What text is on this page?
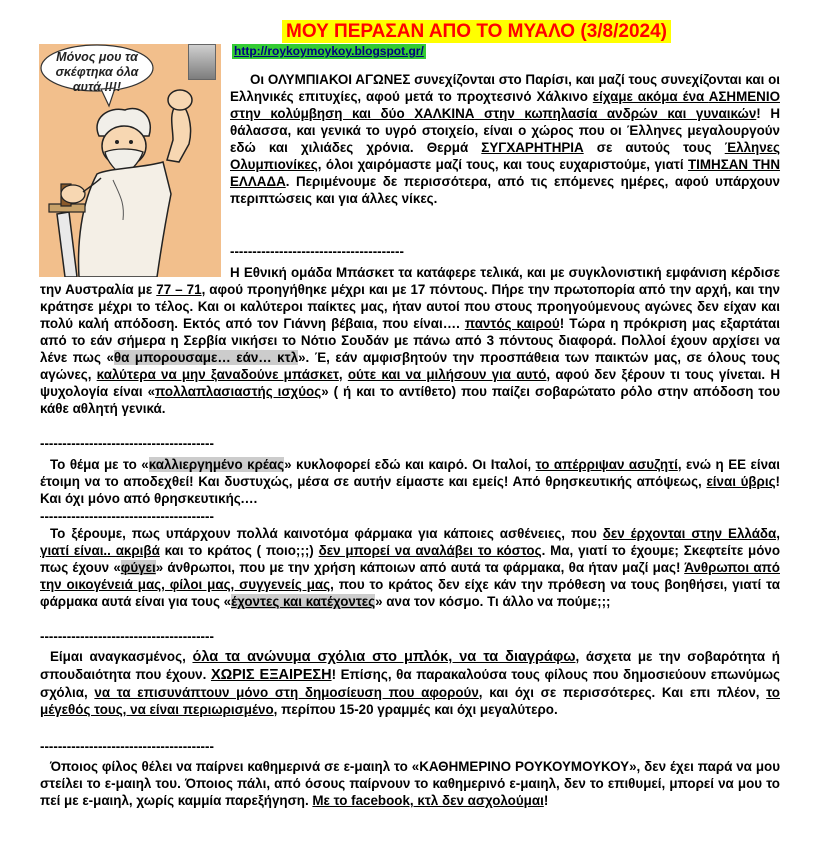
Μόνος μου τα σκέφτηκα όλα αυτά !!!!
ΜΟΥ ΠΕΡΑΣΑΝ ΑΠΟ ΤΟ ΜΥΑΛΟ (3/8/2024)
http://roykoymoykoy.blogspot.gr/
Οι ΟΛΥΜΠΙΑΚΟΙ ΑΓΩΝΕΣ συνεχίζονται στο Παρίσι, και μαζί τους συνεχίζονται και οι Ελληνικές επιτυχίες, αφού μετά το προχτεσινό Χάλκινο είχαμε ακόμα ένα ΑΣΗΜΕΝΙΟ στην κολύμβηση και δύο ΧΑΛΚΙΝΑ στην κωπηλασία ανδρών και γυναικών! Η θάλασσα, και γενικά το υγρό στοιχείο, είναι ο χώρος που οι Έλληνες μεγαλουργούν εδώ και χιλιάδες χρόνια. Θερμά ΣΥΓΧΑΡΗΤΗΡΙΑ σε αυτούς τους Έλληνες Ολυμπιονίκες, όλοι χαιρόμαστε μαζί τους, και τους ευχαριστούμε, γιατί ΤΙΜΗΣΑΝ ΤΗΝ ΕΛΛΑΔΑ. Περιμένουμε δε περισσότερα, από τις επόμενες ημέρες, αφού υπάρχουν περιπτώσεις και για άλλες νίκες.
---------------------------------------
Η Εθνική ομάδα Μπάσκετ τα κατάφερε τελικά, και με συγκλονιστική εμφάνιση κέρδισε την Αυστραλία με 77 – 71, αφού προηγήθηκε μέχρι και με 17 πόντους. Πήρε την πρωτοπορία από την αρχή, και την κράτησε μέχρι το τέλος. Και οι καλύτεροι παίκτες μας, ήταν αυτοί που στους προηγούμενους αγώνες δεν είχαν και πολύ καλή απόδοση. Εκτός από τον Γιάννη βέβαια, που είναι…. παντός καιρού! Τώρα η πρόκριση μας εξαρτάται από το εάν σήμερα η Σερβία νικήσει το Νότιο Σουδάν με πάνω από 3 πόντους διαφορά. Πολλοί έχουν αρχίσει να λένε πως «θα μπορουσαμε… εάν… κτλ». Έ, εάν αμφισβητούν την προσπάθεια των παικτών μας, σε όλους τους αγώνες, καλύτερα να μην ξαναδούνε μπάσκετ, ούτε και να μιλήσουν για αυτό, αφού δεν ξέρουν τι τους γίνεται. Η ψυχολογία είναι «πολλαπλασιαστής ισχύος» ( ή και το αντίθετο) που παίζει σοβαρώτατο ρόλο στην απόδοση του κάθε αθλητή γενικά.
---------------------------------------
Το θέμα με το «καλλιεργημένο κρέας» κυκλοφορεί εδώ και καιρό. Οι Ιταλοί, το απέρριψαν ασυζητί, ενώ η ΕΕ είναι έτοιμη να το αποδεχθεί! Και δυστυχώς, μέσα σε αυτήν είμαστε και εμείς! Από θρησκευτικής απόψεως, είναι ύβρις! Και όχι μόνο από θρησκευτικής.…
---------------------------------------
Το ξέρουμε, πως υπάρχουν πολλά καινοτόμα φάρμακα για κάποιες ασθένειες, που δεν έρχονται στην Ελλάδα, γιατί είναι.. ακριβά και το κράτος ( ποιο;;;) δεν μπορεί να αναλάβει το κόστος. Μα, γιατί το έχουμε; Σκεφτείτε μόνο πως έχουν «φύγει» άνθρωποι, που με την χρήση κάποιων από αυτά τα φάρμακα, θα ήταν μαζί μας! Άνθρωποι από την οικογένειά μας, φίλοι μας, συγγενείς μας, που το κράτος δεν είχε κάν την πρόθεση να τους βοηθήσει, γιατί τα φάρμακα αυτά είναι για τους «έχοντες και κατέχοντες» ανα τον κόσμο. Τι άλλο να πούμε;;;
---------------------------------------
Είμαι αναγκασμένος, όλα τα ανώνυμα σχόλια στο μπλόκ, να τα διαγράφω, άσχετα με την σοβαρότητα ή σπουδαιότητα που έχουν. ΧΩΡΙΣ ΕΞΑΙΡΕΣΗ! Επίσης, θα παρακαλούσα τους φίλους που δημοσιεύουν επωνύμως σχόλια, να τα επισυνάπτουν μόνο στη δημοσίευση που αφορούν, και όχι σε περισσότερες. Και επι πλέον, το μέγεθός τους, να είναι περιωρισμένο, περίπου 15-20 γραμμές και όχι μεγαλύτερο.
---------------------------------------
Όποιος φίλος θέλει να παίρνει καθημερινά σε ε-μαιηλ το «ΚΑΘΗΜΕΡΙΝΟ ΡΟΥΚΟΥΜΟΥΚΟΥ», δεν έχει παρά να μου στείλει το ε-μαιηλ του. Όποιος πάλι, από όσους παίρνουν το καθημερινό ε-μαιηλ, δεν το επιθυμεί, μπορεί να μου το πεί με ε-μαιηλ, χωρίς καμμία παρεξήγηση. Με το facebook, κτλ δεν ασχολούμαι!
